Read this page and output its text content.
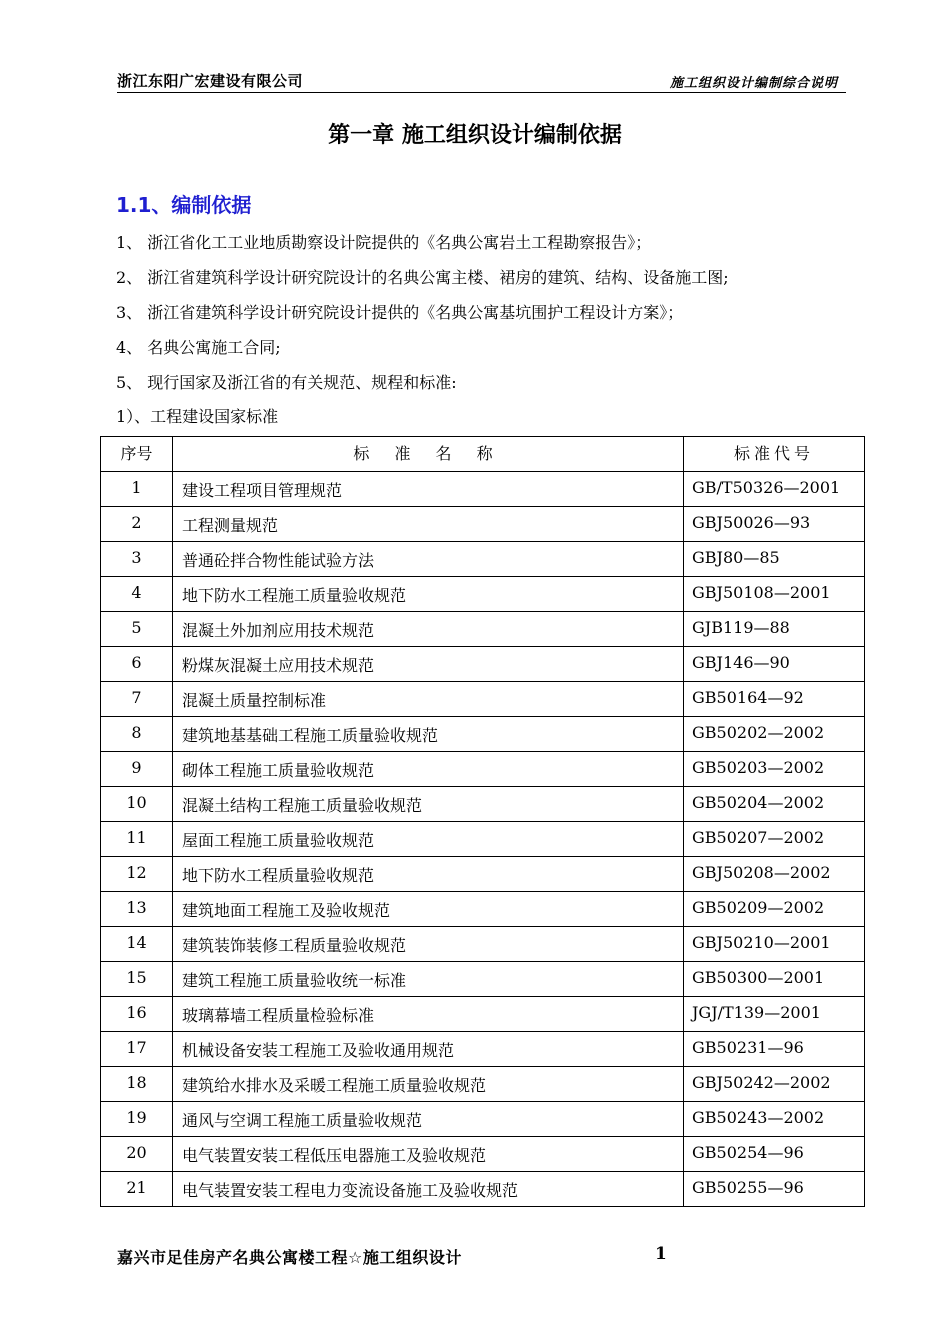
浙江东阳广宏建设有限公司	施工组织设计编制综合说明
第一章 施工组织设计编制依据
1.1、编制依据
1、 浙江省化工工业地质勘察设计院提供的《名典公寓岩土工程勘察报告》；
2、 浙江省建筑科学设计研究院设计的名典公寓主楼、裙房的建筑、结构、设备施工图;
3、 浙江省建筑科学设计研究院设计提供的《名典公寓基坑围护工程设计方案》；
4、 名典公寓施工合同;
5、 现行国家及浙江省的有关规范、规程和标准:
1）、工程建设国家标准
序号	标 准 名 称	标准代号
1	建设工程项目管理规范	GB/T50326—2001
2	工程测量规范	GBJ50026—93
3	普通砼拌合物性能试验方法	GBJ80—85
4	地下防水工程施工质量验收规范	GBJ50108—2001
5	混凝土外加剂应用技术规范	GJB119—88
6	粉煤灰混凝土应用技术规范	GBJ146—90
7	混凝土质量控制标准	GB50164—92
8	建筑地基基础工程施工质量验收规范	GB50202—2002
9	砌体工程施工质量验收规范	GB50203—2002
10	混凝土结构工程施工质量验收规范	GB50204—2002
11	屋面工程施工质量验收规范	GB50207—2002
12	地下防水工程质量验收规范	GBJ50208—2002
13	建筑地面工程施工及验收规范	GB50209—2002
14	建筑装饰装修工程质量验收规范	GBJ50210—2001
15	建筑工程施工质量验收统一标准	GB50300—2001
16	玻璃幕墙工程质量检验标准	JGJ/T139—2001
17	机械设备安装工程施工及验收通用规范	GB50231—96
18	建筑给水排水及采暖工程施工质量验收规范	GBJ50242—2002
19	通风与空调工程施工质量验收规范	GB50243—2002
20	电气装置安装工程低压电器施工及验收规范	GB50254—96
21	电气装置安装工程电力变流设备施工及验收规范	GB50255—96
嘉兴市足佳房产名典公寓楼工程☆施工组织设计	1
